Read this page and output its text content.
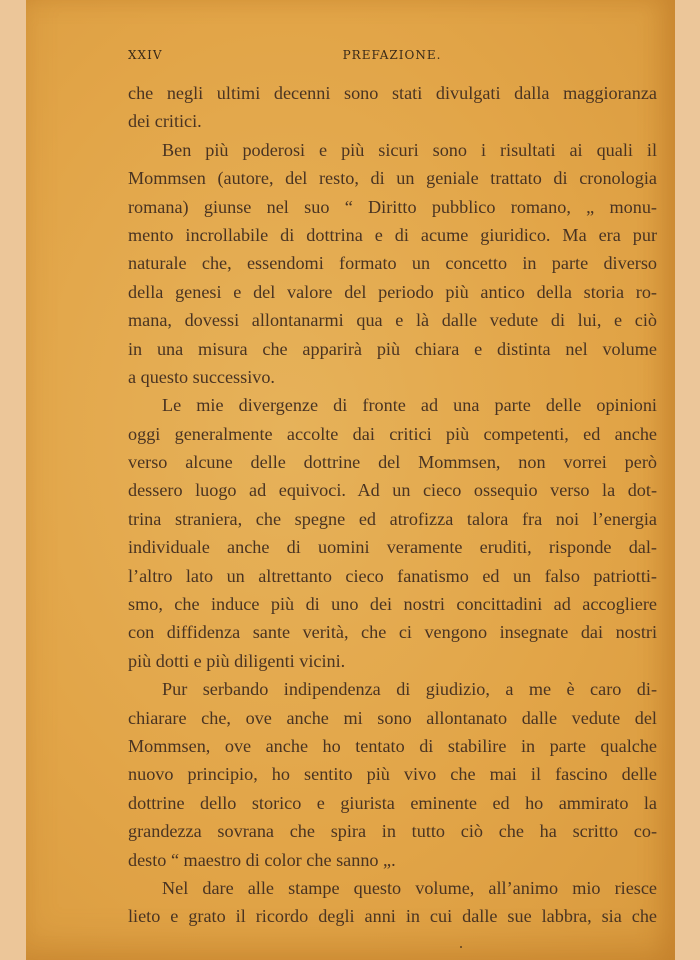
XXIV	PREFAZIONE.
che negli ultimi decenni sono stati divulgati dalla maggioranza
dei critici.
Ben più poderosi e più sicuri sono i risultati ai quali il
Mommsen (autore, del resto, di un geniale trattato di cronologia
romana) giunse nel suo “ Diritto pubblico romano, „ monu-
mento incrollabile di dottrina e di acume giuridico. Ma era pur
naturale che, essendomi formato un concetto in parte diverso
della genesi e del valore del periodo più antico della storia ro-
mana, dovessi allontanarmi qua e là dalle vedute di lui, e ciò
in una misura che apparirà più chiara e distinta nel volume
a questo successivo.
Le mie divergenze di fronte ad una parte delle opinioni
oggi generalmente accolte dai critici più competenti, ed anche
verso alcune delle dottrine del Mommsen, non vorrei però
dessero luogo ad equivoci. Ad un cieco ossequio verso la dot-
trina straniera, che spegne ed atrofizza talora fra noi l’energia
individuale anche di uomini veramente eruditi, risponde dal-
l’altro lato un altrettanto cieco fanatismo ed un falso patriotti-
smo, che induce più di uno dei nostri concittadini ad accogliere
con diffidenza sante verità, che ci vengono insegnate dai nostri
più dotti e più diligenti vicini.
Pur serbando indipendenza di giudizio, a me è caro di-
chiarare che, ove anche mi sono allontanato dalle vedute del
Mommsen, ove anche ho tentato di stabilire in parte qualche
nuovo principio, ho sentito più vivo che mai il fascino delle
dottrine dello storico e giurista eminente ed ho ammirato la
grandezza sovrana che spira in tutto ciò che ha scritto co-
desto “ maestro di color che sanno „.
Nel dare alle stampe questo volume, all’animo mio riesce
lieto e grato il ricordo degli anni in cui dalle sue labbra, sia che
